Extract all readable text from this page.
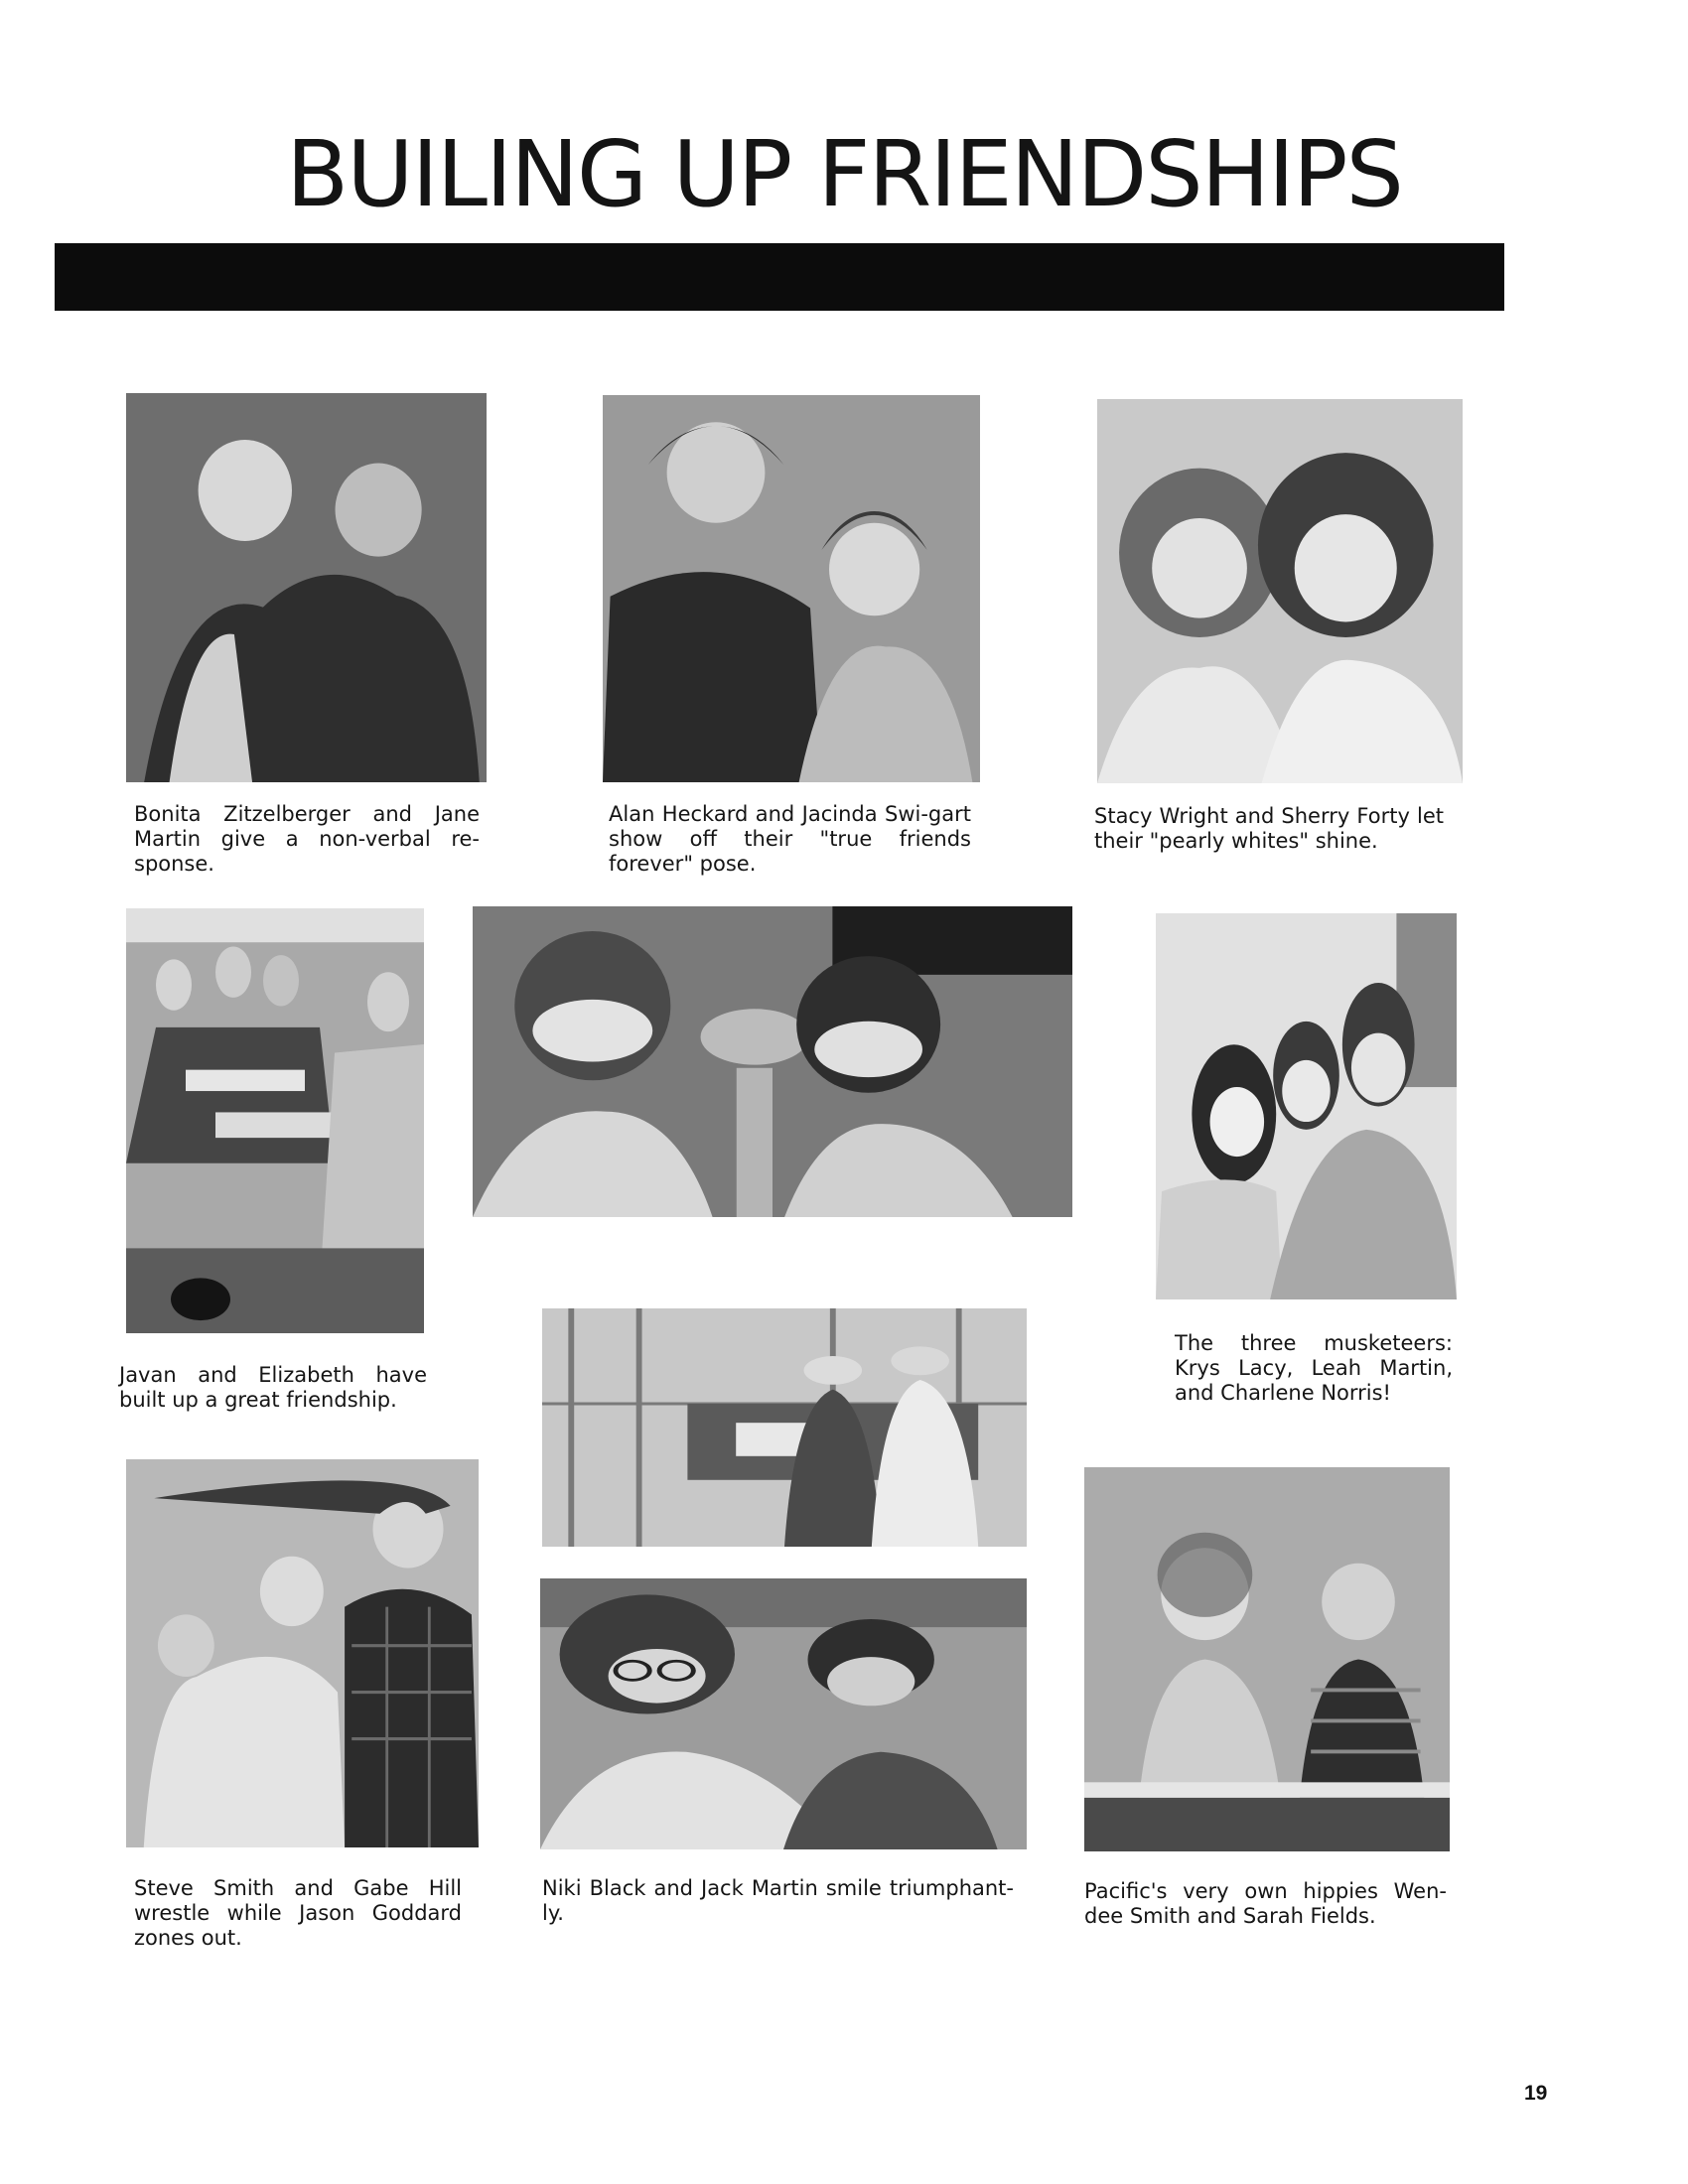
BUILING UP FRIENDSHIPS
Bonita Zitzelberger and Jane Martin give a non-verbal re-sponse.
Alan Heckard and Jacinda Swi-gart show off their "true friends forever" pose.
Stacy Wright and Sherry Forty let their "pearly whites" shine.
Javan and Elizabeth have built up a great friendship.
The three musketeers: Krys Lacy, Leah Martin, and Charlene Norris!
Steve Smith and Gabe Hill wrestle while Jason Goddard zones out.
Niki Black and Jack Martin smile triumphant-ly.
Pacific's very own hippies Wen-dee Smith and Sarah Fields.
19
